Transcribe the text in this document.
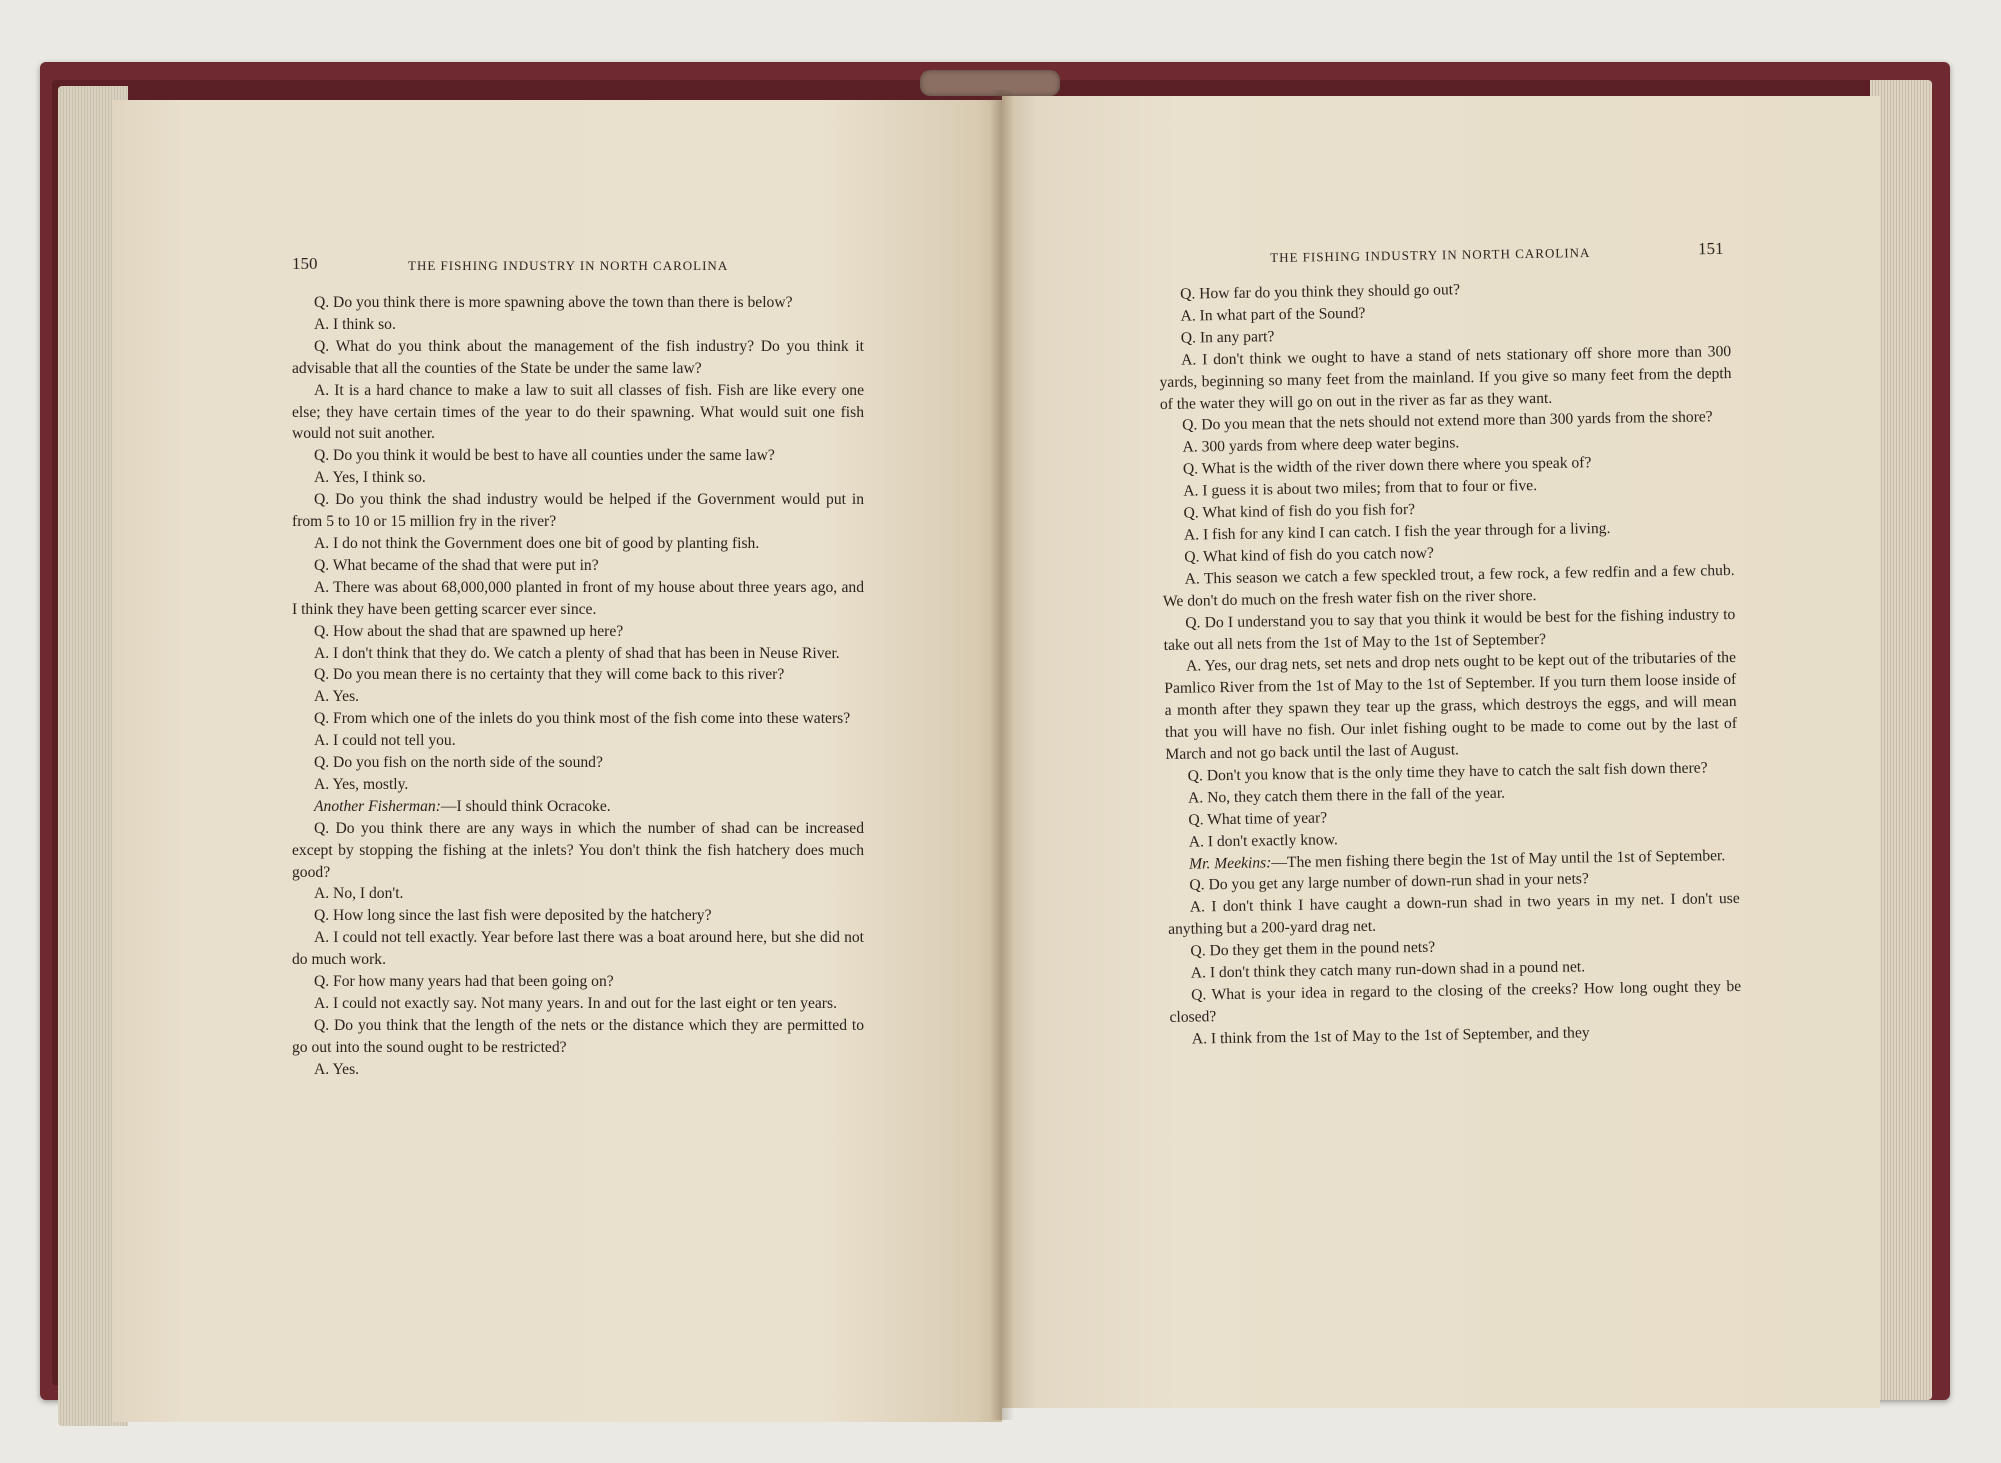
150	THE FISHING INDUSTRY IN NORTH CAROLINA

Q. Do you think there is more spawning above the town than there is below?

A. I think so.

Q. What do you think about the management of the fish industry? Do you think it advisable that all the counties of the State be under the same law?

A. It is a hard chance to make a law to suit all classes of fish. Fish are like every one else; they have certain times of the year to do their spawning. What would suit one fish would not suit another.

Q. Do you think it would be best to have all counties under the same law?

A. Yes, I think so.

Q. Do you think the shad industry would be helped if the Government would put in from 5 to 10 or 15 million fry in the river?

A. I do not think the Government does one bit of good by planting fish.

Q. What became of the shad that were put in?

A. There was about 68,000,000 planted in front of my house about three years ago, and I think they have been getting scarcer ever since.

Q. How about the shad that are spawned up here?

A. I don't think that they do. We catch a plenty of shad that has been in Neuse River.

Q. Do you mean there is no certainty that they will come back to this river?

A. Yes.

Q. From which one of the inlets do you think most of the fish come into these waters?

A. I could not tell you.

Q. Do you fish on the north side of the sound?

A. Yes, mostly.

Another Fisherman:—I should think Ocracoke.

Q. Do you think there are any ways in which the number of shad can be increased except by stopping the fishing at the inlets? You don't think the fish hatchery does much good?

A. No, I don't.

Q. How long since the last fish were deposited by the hatchery?

A. I could not tell exactly. Year before last there was a boat around here, but she did not do much work.

Q. For how many years had that been going on?

A. I could not exactly say. Not many years. In and out for the last eight or ten years.

Q. Do you think that the length of the nets or the distance which they are permitted to go out into the sound ought to be restricted?

A. Yes.

THE FISHING INDUSTRY IN NORTH CAROLINA	151

Q. How far do you think they should go out?

A. In what part of the Sound?

Q. In any part?

A. I don't think we ought to have a stand of nets stationary off shore more than 300 yards, beginning so many feet from the mainland. If you give so many feet from the depth of the water they will go on out in the river as far as they want.

Q. Do you mean that the nets should not extend more than 300 yards from the shore?

A. 300 yards from where deep water begins.

Q. What is the width of the river down there where you speak of?

A. I guess it is about two miles; from that to four or five.

Q. What kind of fish do you fish for?

A. I fish for any kind I can catch. I fish the year through for a living.

Q. What kind of fish do you catch now?

A. This season we catch a few speckled trout, a few rock, a few redfin and a few chub. We don't do much on the fresh water fish on the river shore.

Q. Do I understand you to say that you think it would be best for the fishing industry to take out all nets from the 1st of May to the 1st of September?

A. Yes, our drag nets, set nets and drop nets ought to be kept out of the tributaries of the Pamlico River from the 1st of May to the 1st of September. If you turn them loose inside of a month after they spawn they tear up the grass, which destroys the eggs, and will mean that you will have no fish. Our inlet fishing ought to be made to come out by the last of March and not go back until the last of August.

Q. Don't you know that is the only time they have to catch the salt fish down there?

A. No, they catch them there in the fall of the year.

Q. What time of year?

A. I don't exactly know.

Mr. Meekins:—The men fishing there begin the 1st of May until the 1st of September.

Q. Do you get any large number of down-run shad in your nets?

A. I don't think I have caught a down-run shad in two years in my net. I don't use anything but a 200-yard drag net.

Q. Do they get them in the pound nets?

A. I don't think they catch many run-down shad in a pound net.

Q. What is your idea in regard to the closing of the creeks? How long ought they be closed?

A. I think from the 1st of May to the 1st of September, and they
